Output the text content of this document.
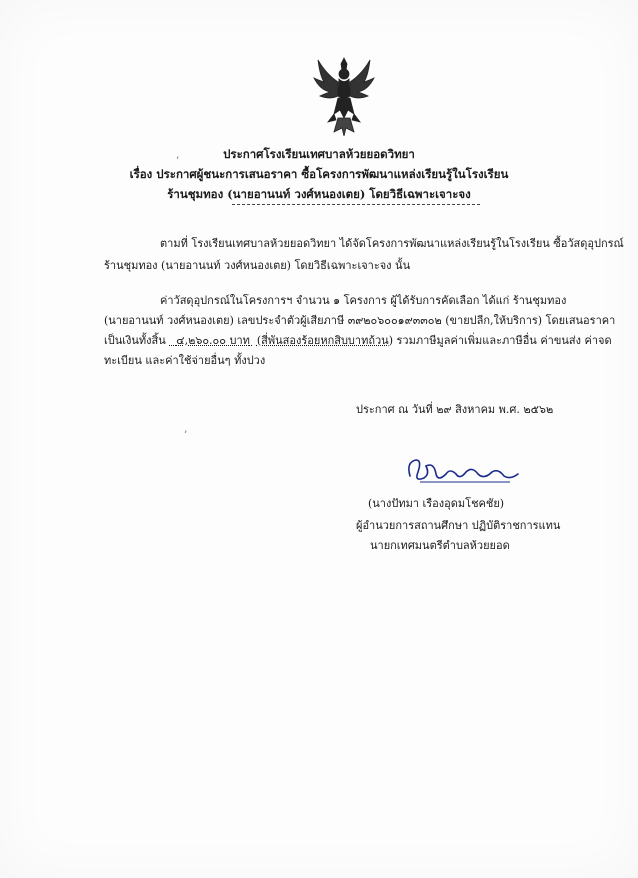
ประกาศโรงเรียนเทศบาลห้วยยอดวิทยา
เรื่อง ประกาศผู้ชนะการเสนอราคา ซื้อโครงการพัฒนาแหล่งเรียนรู้ในโรงเรียน
ร้านชุมทอง (นายอานนท์ วงศ์หนองเตย) โดยวิธีเฉพาะเจาะจง
ตามที่ โรงเรียนเทศบาลห้วยยอดวิทยา ได้จัดโครงการพัฒนาแหล่งเรียนรู้ในโรงเรียน ซื้อวัสดุอุปกรณ์
ร้านชุมทอง (นายอานนท์ วงศ์หนองเตย) โดยวิธีเฉพาะเจาะจง นั้น
ค่าวัสดุอุปกรณ์ในโครงการฯ จำนวน ๑ โครงการ ผู้ได้รับการคัดเลือก ได้แก่ ร้านชุมทอง
(นายอานนท์ วงศ์หนองเตย) เลขประจำตัวผู้เสียภาษี ๓๙๒๐๖๐๐๑๙๓๓๐๒ (ขายปลีก,ให้บริการ) โดยเสนอราคา
เป็นเงินทั้งสิ้น ๔,๒๖๐.๐๐ บาท (สี่พันสองร้อยหกสิบบาทถ้วน) รวมภาษีมูลค่าเพิ่มและภาษีอื่น ค่าขนส่ง ค่าจด
ทะเบียน และค่าใช้จ่ายอื่นๆ ทั้งปวง
ประกาศ ณ วันที่ ๒๙ สิงหาคม พ.ศ. ๒๕๖๒
(นางปัทมา เรืองอุดมโชคชัย)
ผู้อำนวยการสถานศึกษา ปฏิบัติราชการแทน
นายกเทศมนตรีตำบลห้วยยอด
’
’
